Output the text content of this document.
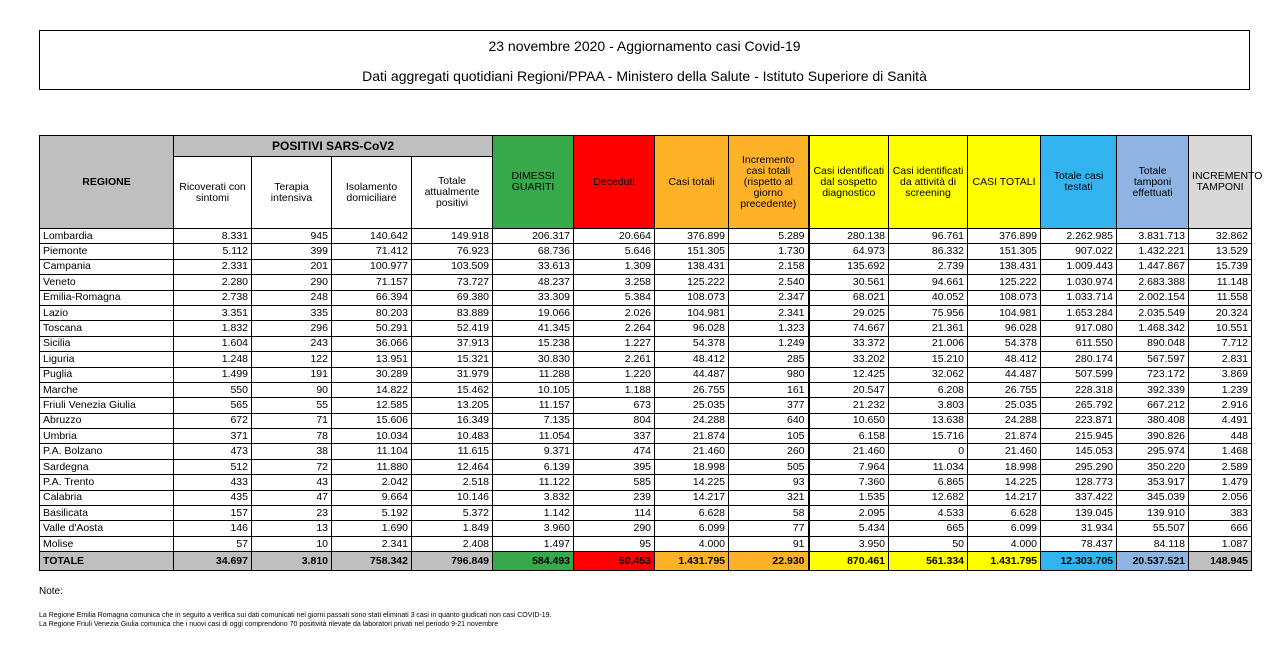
23 novembre 2020 - Aggiornamento casi Covid-19
Dati aggregati quotidiani Regioni/PPAA - Ministero della Salute - Istituto Superiore di Sanità
REGIONE	POSITIVI SARS-CoV2				DIMESSI GUARITI	Deceduti	Casi totali	Incremento casi totali (rispetto al giorno precedente)	Casi identificati dal sospetto diagnostico	Casi identificati da attività di screening	CASI TOTALI	Totale casi testati	Totale tamponi effettuati	INCREMENTO TAMPONI
	Ricoverati con sintomi	Terapia intensiva	Isolamento domiciliare	Totale attualmente positivi										
Lombardia	8.331	945	140.642	149.918	206.317	20.664	376.899	5.289	280.138	96.761	376.899	2.262.985	3.831.713	32.862
Piemonte	5.112	399	71.412	76.923	68.736	5.646	151.305	1.730	64.973	86.332	151.305	907.022	1.432.221	13.529
Campania	2.331	201	100.977	103.509	33.613	1.309	138.431	2.158	135.692	2.739	138.431	1.009.443	1.447.867	15.739
Veneto	2.280	290	71.157	73.727	48.237	3.258	125.222	2.540	30.561	94.661	125.222	1.030.974	2.683.388	11.148
Emilia-Romagna	2.738	248	66.394	69.380	33.309	5.384	108.073	2.347	68.021	40.052	108.073	1.033.714	2.002.154	11.558
Lazio	3.351	335	80.203	83.889	19.066	2.026	104.981	2.341	29.025	75.956	104.981	1.653.284	2.035.549	20.324
Toscana	1.832	296	50.291	52.419	41.345	2.264	96.028	1.323	74.667	21.361	96.028	917.080	1.468.342	10.551
Sicilia	1.604	243	36.066	37.913	15.238	1.227	54.378	1.249	33.372	21.006	54.378	611.550	890.048	7.712
Liguria	1.248	122	13.951	15.321	30.830	2.261	48.412	285	33.202	15.210	48.412	280.174	567.597	2.831
Puglia	1.499	191	30.289	31.979	11.288	1.220	44.487	980	12.425	32.062	44.487	507.599	723.172	3.869
Marche	550	90	14.822	15.462	10.105	1.188	26.755	161	20.547	6.208	26.755	228.318	392.339	1.239
Friuli Venezia Giulia	565	55	12.585	13.205	11.157	673	25.035	377	21.232	3.803	25.035	265.792	667.212	2.916
Abruzzo	672	71	15.606	16.349	7.135	804	24.288	640	10.650	13.638	24.288	223.871	380.408	4.491
Umbria	371	78	10.034	10.483	11.054	337	21.874	105	6.158	15.716	21.874	215.945	390.826	448
P.A. Bolzano	473	38	11.104	11.615	9.371	474	21.460	260	21.460	0	21.460	145.053	295.974	1.468
Sardegna	512	72	11.880	12.464	6.139	395	18.998	505	7.964	11.034	18.998	295.290	350.220	2.589
P.A. Trento	433	43	2.042	2.518	11.122	585	14.225	93	7.360	6.865	14.225	128.773	353.917	1.479
Calabria	435	47	9.664	10.146	3.832	239	14.217	321	1.535	12.682	14.217	337.422	345.039	2.056
Basilicata	157	23	5.192	5.372	1.142	114	6.628	58	2.095	4.533	6.628	139.045	139.910	383
Valle d'Aosta	146	13	1.690	1.849	3.960	290	6.099	77	5.434	665	6.099	31.934	55.507	666
Molise	57	10	2.341	2.408	1.497	95	4.000	91	3.950	50	4.000	78.437	84.118	1.087
TOTALE	34.697	3.810	758.342	796.849	584.493	50.453	1.431.795	22.930	870.461	561.334	1.431.795	12.303.705	20.537.521	148.945
Note:
La Regione Emilia Romagna comunica che in seguito a verifica sui dati comunicati nei giorni passati sono stati eliminati 3 casi in quanto giudicati non casi COVID-19.
La Regione Friuli Venezia Giulia comunica che i nuovi casi di oggi comprendono 70 positività rilevate da laboratori privati nel periodo 9-21 novembre
